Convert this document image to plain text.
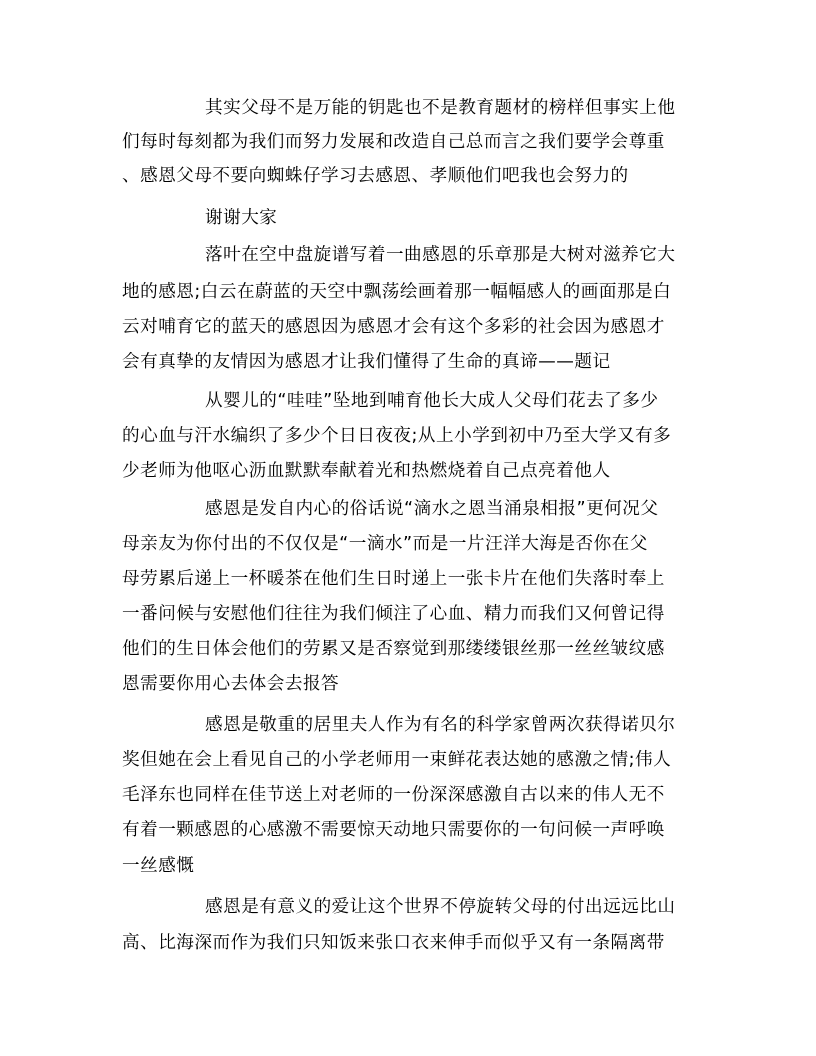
其实父母不是万能的钥匙也不是教育题材的榜样但事实上他
们每时每刻都为我们而努力发展和改造自己总而言之我们要学会尊重
、感恩父母不要向蜘蛛仔学习去感恩、孝顺他们吧我也会努力的
谢谢大家
落叶在空中盘旋谱写着一曲感恩的乐章那是大树对滋养它大
地的感恩;白云在蔚蓝的天空中飘荡绘画着那一幅幅感人的画面那是白
云对哺育它的蓝天的感恩因为感恩才会有这个多彩的社会因为感恩才
会有真挚的友情因为感恩才让我们懂得了生命的真谛——题记
从婴儿的“哇哇”坠地到哺育他长大成人父母们花去了多少
的心血与汗水编织了多少个日日夜夜;从上小学到初中乃至大学又有多
少老师为他呕心沥血默默奉献着光和热燃烧着自己点亮着他人
感恩是发自内心的俗话说“滴水之恩当涌泉相报”更何况父
母亲友为你付出的不仅仅是“一滴水”而是一片汪洋大海是否你在父
母劳累后递上一杯暖茶在他们生日时递上一张卡片在他们失落时奉上
一番问候与安慰他们往往为我们倾注了心血、精力而我们又何曾记得
他们的生日体会他们的劳累又是否察觉到那缕缕银丝那一丝丝皱纹感
恩需要你用心去体会去报答
感恩是敬重的居里夫人作为有名的科学家曾两次获得诺贝尔
奖但她在会上看见自己的小学老师用一束鲜花表达她的感激之情;伟人
毛泽东也同样在佳节送上对老师的一份深深感激自古以来的伟人无不
有着一颗感恩的心感激不需要惊天动地只需要你的一句问候一声呼唤
一丝感慨
感恩是有意义的爱让这个世界不停旋转父母的付出远远比山
高、比海深而作为我们只知饭来张口衣来伸手而似乎又有一条隔离带
